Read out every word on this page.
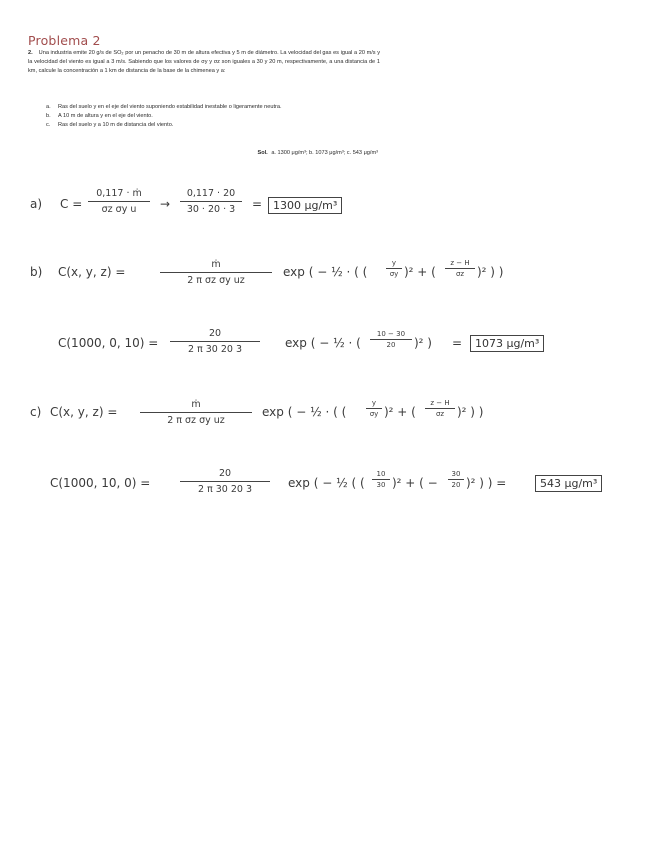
Problema 2
2. Una industria emite 20 g/s de SO₂ por un penacho de 30 m de altura efectiva y 5 m de diámetro. La velocidad del gas es igual a 20 m/s y la velocidad del viento es igual a 3 m/s. Sabiendo que los valores de σy y σz son iguales a 30 y 20 m, respectivamente, a una distancia de 1 km, calcule la concentración a 1 km de distancia de la base de la chimenea y a:
a.	Ras del suelo y en el eje del viento suponiendo estabilidad inestable o ligeramente neutra.
b.	A 10 m de altura y en el eje del viento.
c.	Ras del suelo y a 10 m de distancia del viento.
Sol. a. 1300 μg/m³; b. 1073 μg/m³; c. 543 μg/m³
a) $C = \frac{\text{0,117 · ṁ}}{\text{σz σy u}} \to \frac{0,117 \cdot 20}{30 \cdot 20 \cdot 3} = 1300$ μg/m³
b) C(x, y, z) =	$\frac{\text{ṁ}}{\text{2 π σz σy uz}}$ exp ( − ½ · ( (
y
σy )² + (
z − H
σz	)² ) )
C(1000, 0, $10) = \frac{20}{2 \pi 30 20 3}$ exp ( − ½ · (
10 − 30
20	)² ) =	1073 μg/m³
c) C(x, y, $z) = \frac{\text{ṁ}}{\text{2 π σz σy uz}}$ exp ( − ½ · ( (
y
σy )² + (
z − H
σz	)² ) )
C(1000, 10, 0) =	$\frac{20}{2 \pi 30 20 3}$ exp ( − ½ ( (
10
30 )² + ( −
30
20 )² ) ) =	543 μg/m³
